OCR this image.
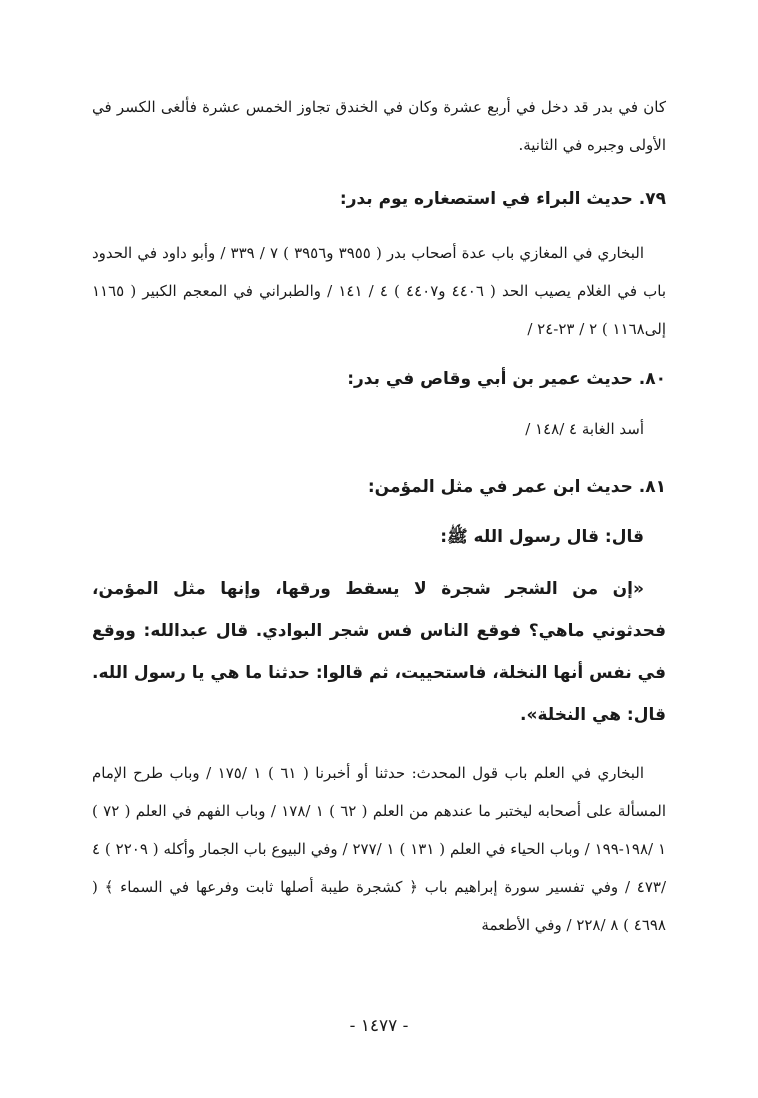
كان في بدر قد دخل في أربع عشرة وكان في الخندق تجاوز الخمس عشرة فألغى الكسر في الأولى وجبره في الثانية.

٧٩. حديث البراء في استصغاره يوم بدر:

البخاري في المغازي باب عدة أصحاب بدر ( ٣٩٥٥ و٣٩٥٦ ) ٧ / ٣٣٩ / وأبو داود في الحدود باب في الغلام يصيب الحد ( ٤٤٠٦ و٤٤٠٧ ) ٤ / ١٤١ / والطبراني في المعجم الكبير ( ١١٦٥ إلى١١٦٨ ) ٢ / ٢٣-٢٤ /

٨٠. حديث عمير بن أبي وقاص في بدر:

أسد الغابة ٤ /١٤٨ /

٨١. حديث ابن عمر في مثل المؤمن:
قال: قال رسول الله ﷺ:

«إن من الشجر شجرة لا يسقط ورقها، وإنها مثل المؤمن، فحدثوني ماهي؟ فوقع الناس فس شجر البوادي. قال عبدالله: ووقع في نفس أنها النخلة، فاستحييت، ثم قالوا: حدثنا ما هي يا رسول الله. قال: هي النخلة».

البخاري في العلم باب قول المحدث: حدثنا أو أخبرنا ( ٦١ ) ١ /١٧٥ / وباب طرح الإمام المسألة على أصحابه ليختبر ما عندهم من العلم ( ٦٢ ) ١ /١٧٨ / وباب الفهم في العلم ( ٧٢ ) ١ /١٩٨-١٩٩ / وباب الحياء في العلم ( ١٣١ ) ١ /٢٧٧ / وفي البيوع باب الجمار وأكله ( ٢٢٠٩ ) ٤ /٤٧٣ / وفي تفسير سورة إبراهيم باب ﴿ كشجرة طيبة أصلها ثابت وفرعها في السماء ﴾ ( ٤٦٩٨ ) ٨ /٢٢٨ / وفي الأطعمة

- ١٤٧٧ -
